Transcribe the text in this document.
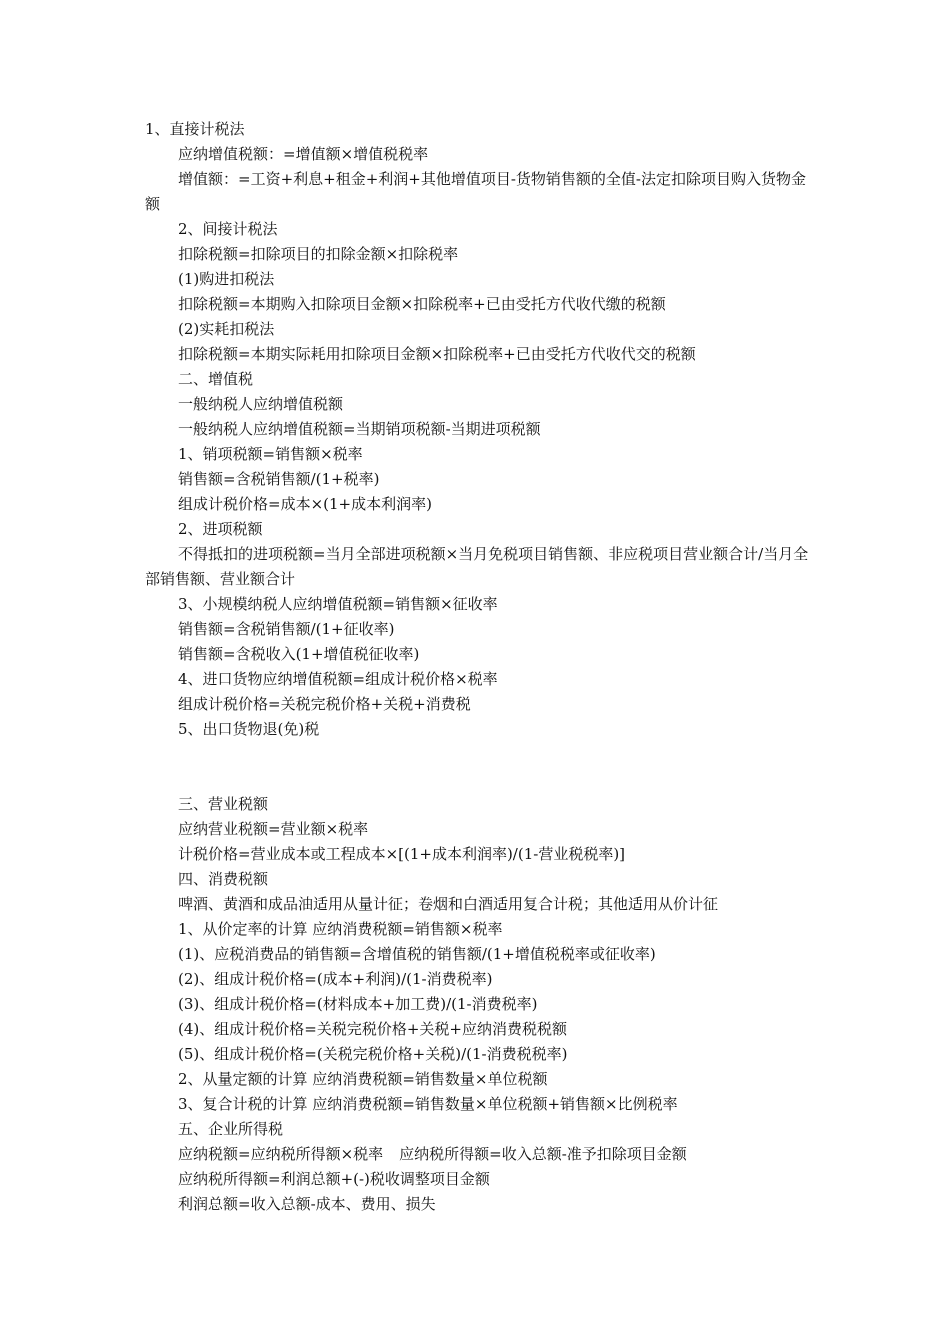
1、直接计税法
应纳增值税额：=增值额×增值税税率
增值额：=工资+利息+租金+利润+其他增值项目-货物销售额的全值-法定扣除项目购入货物金额
2、间接计税法
扣除税额=扣除项目的扣除金额×扣除税率
(1)购进扣税法
扣除税额=本期购入扣除项目金额×扣除税率+已由受托方代收代缴的税额
(2)实耗扣税法
扣除税额=本期实际耗用扣除项目金额×扣除税率+已由受托方代收代交的税额
二、增值税
一般纳税人应纳增值税额
一般纳税人应纳增值税额=当期销项税额-当期进项税额
1、销项税额=销售额×税率
销售额=含税销售额/(1+税率)
组成计税价格=成本×(1+成本利润率)
2、进项税额
不得抵扣的进项税额=当月全部进项税额×当月免税项目销售额、非应税项目营业额合计/当月全部销售额、营业额合计
3、小规模纳税人应纳增值税额=销售额×征收率
销售额=含税销售额/(1+征收率)
销售额=含税收入(1+增值税征收率)
4、进口货物应纳增值税额=组成计税价格×税率
组成计税价格=关税完税价格+关税+消费税
5、出口货物退(免)税
三、营业税额
应纳营业税额=营业额×税率
计税价格=营业成本或工程成本×[(1+成本利润率)/(1-营业税税率)]
四、消费税额
啤酒、黄酒和成品油适用从量计征；卷烟和白酒适用复合计税；其他适用从价计征
1、从价定率的计算 应纳消费税额=销售额×税率
(1)、应税消费品的销售额=含增值税的销售额/(1+增值税税率或征收率)
(2)、组成计税价格=(成本+利润)/(1-消费税率)
(3)、组成计税价格=(材料成本+加工费)/(1-消费税率)
(4)、组成计税价格=关税完税价格+关税+应纳消费税税额
(5)、组成计税价格=(关税完税价格+关税)/(1-消费税税率)
2、从量定额的计算 应纳消费税额=销售数量×单位税额
3、复合计税的计算 应纳消费税额=销售数量×单位税额+销售额×比例税率
五、企业所得税
应纳税额=应纳税所得额×税率 应纳税所得额=收入总额-准予扣除项目金额
应纳税所得额=利润总额+(-)税收调整项目金额
利润总额=收入总额-成本、费用、损失
